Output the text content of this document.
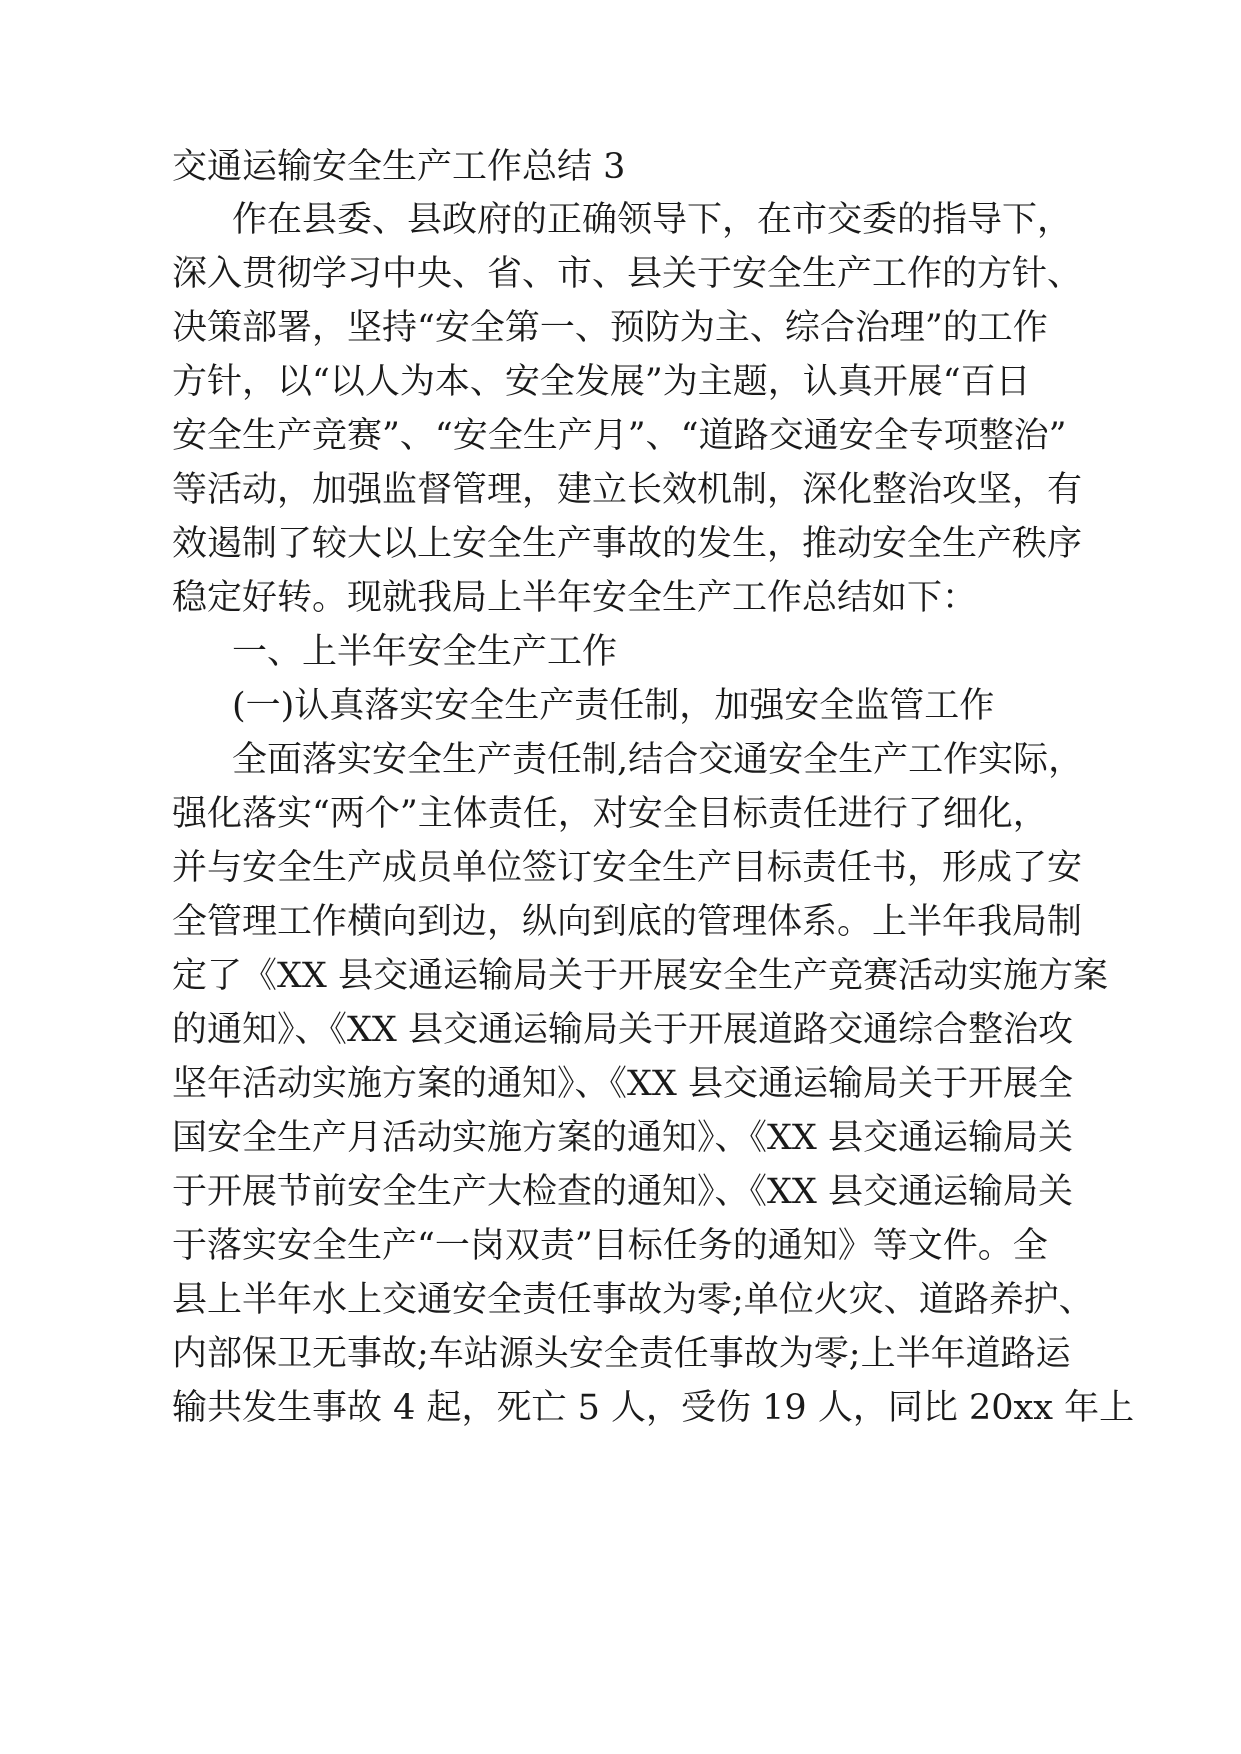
交通运输安全生产工作总结 3
作在县委、县政府的正确领导下，在市交委的指导下，
深入贯彻学习中央、省、市、县关于安全生产工作的方针、
决策部署，坚持“安全第一、预防为主、综合治理”的工作
方针，以“以人为本、安全发展”为主题，认真开展“百日
安全生产竞赛”、“安全生产月”、“道路交通安全专项整治”
等活动，加强监督管理，建立长效机制，深化整治攻坚，有
效遏制了较大以上安全生产事故的发生，推动安全生产秩序
稳定好转。现就我局上半年安全生产工作总结如下：
一、上半年安全生产工作
(一)认真落实安全生产责任制，加强安全监管工作
全面落实安全生产责任制,结合交通安全生产工作实际，
强化落实“两个”主体责任，对安全目标责任进行了细化，
并与安全生产成员单位签订安全生产目标责任书，形成了安
全管理工作横向到边，纵向到底的管理体系。上半年我局制
定了《XX 县交通运输局关于开展安全生产竞赛活动实施方案
的通知》、《XX 县交通运输局关于开展道路交通综合整治攻
坚年活动实施方案的通知》、《XX 县交通运输局关于开展全
国安全生产月活动实施方案的通知》、《XX 县交通运输局关
于开展节前安全生产大检查的通知》、《XX 县交通运输局关
于落实安全生产“一岗双责”目标任务的通知》等文件。全
县上半年水上交通安全责任事故为零;单位火灾、道路养护、
内部保卫无事故;车站源头安全责任事故为零;上半年道路运
输共发生事故 4 起，死亡 5 人，受伤 19 人，同比 20xx 年上
